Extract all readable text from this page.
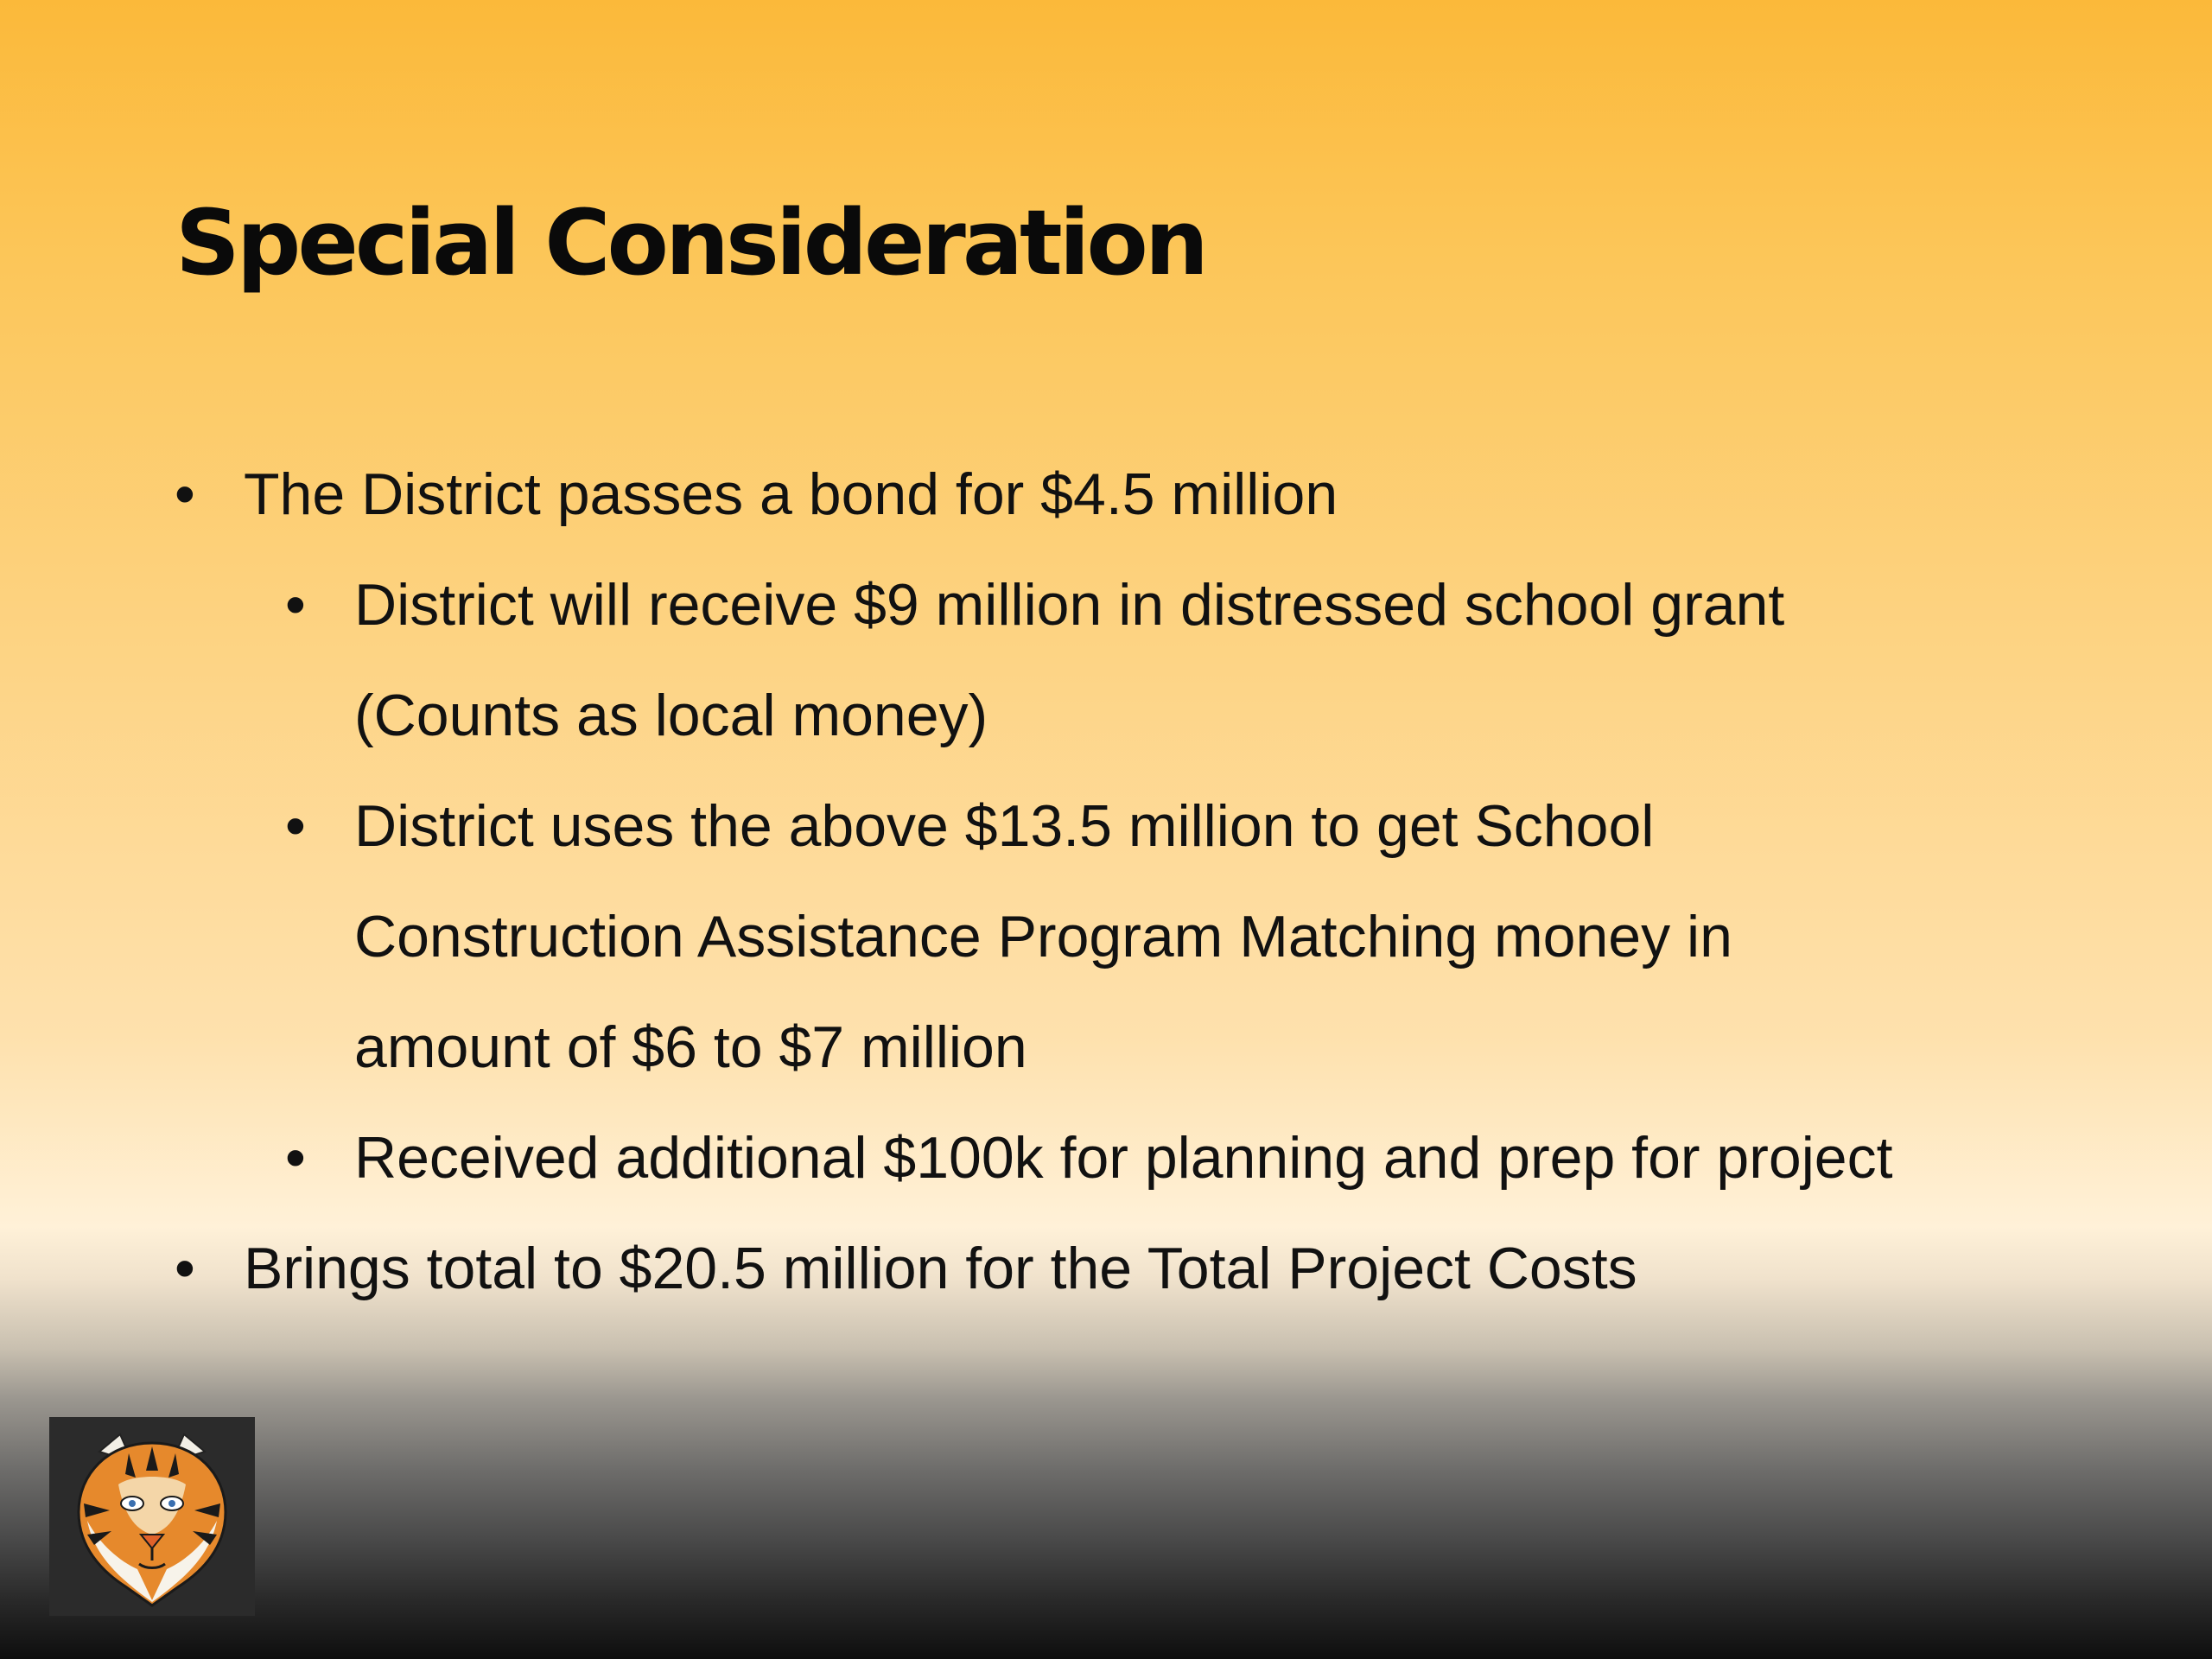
Special Consideration
• The District passes a bond for $4.5 million
• District will receive $9 million in distressed school grant (Counts as local money)
• District uses the above $13.5 million to get School Construction Assistance Program Matching money in amount of $6 to $7 million
• Received additional $100k for planning and prep for project
• Brings total to $20.5 million for the Total Project Costs
